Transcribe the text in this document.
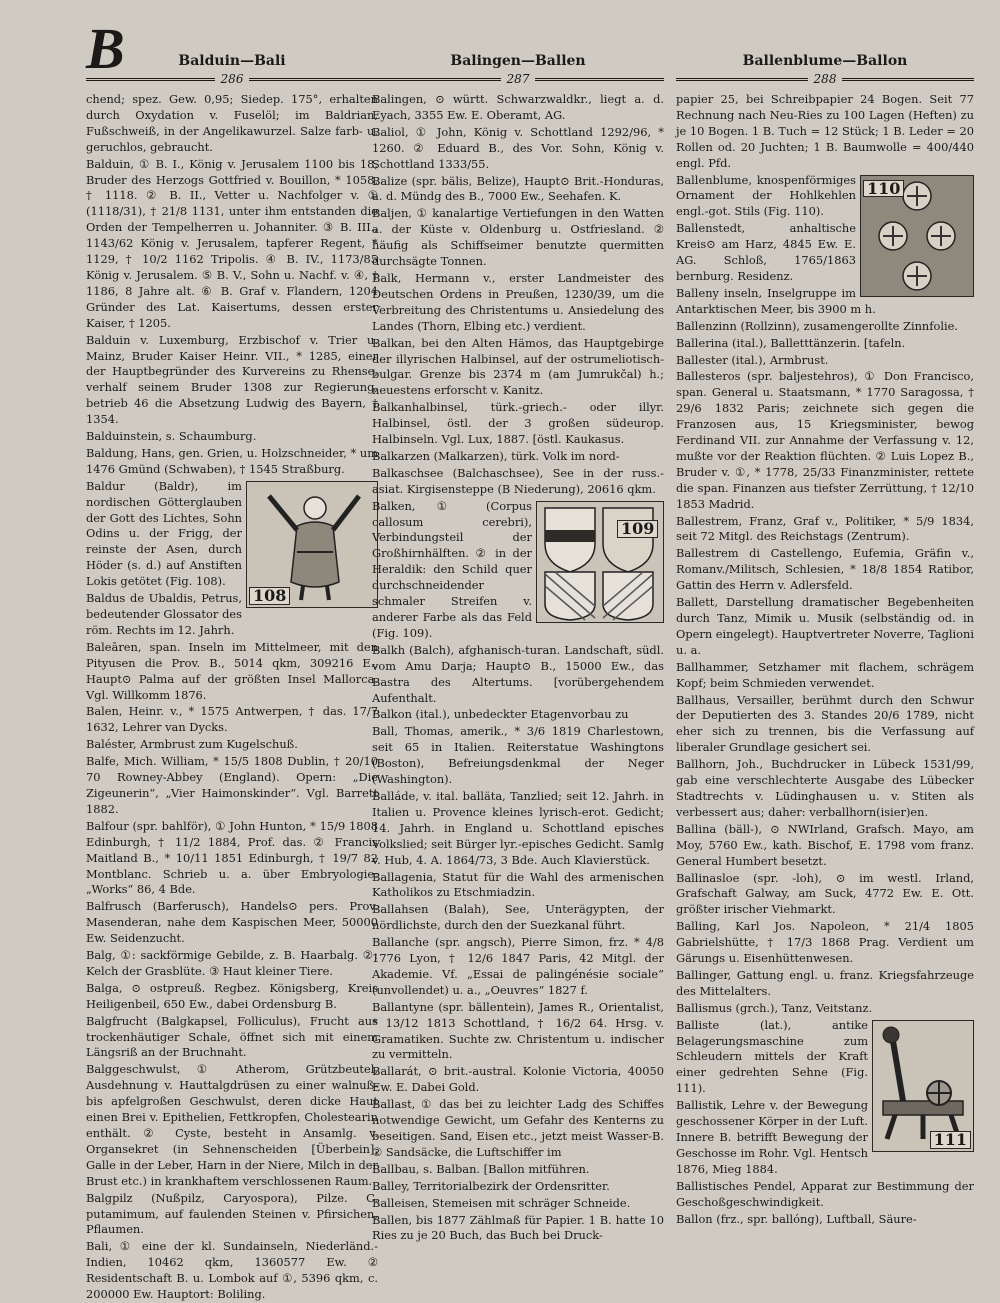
B	Balduin—Bali
286

chend; spez. Gew. 0,95; Siedep. 175°, erhalten durch Oxydation v. Fuselöl; im Baldrian, Fußschweiß, in der Angelikawurzel. Salze farb- u. geruchlos, gebraucht.

Balduin, ① B. I., König v. Jerusalem 1100 bis 18, Bruder des Herzogs Gottfried v. Bouillon, * 1058, † 1118. ② B. II., Vetter u. Nachfolger v. ① (1118/31), † 21/8 1131, unter ihm entstanden die Orden der Tempelherren u. Johanniter. ③ B. III., 1143/62 König v. Jerusalem, tapferer Regent, * 1129, † 10/2 1162 Tripolis. ④ B. IV., 1173/85 König v. Jerusalem. ⑤ B. V., Sohn u. Nachf. v. ④, † 1186, 8 Jahre alt. ⑥ B. Graf v. Flandern, 1204 Gründer des Lat. Kaisertums, dessen erster Kaiser, † 1205.

Balduin v. Luxemburg, Erzbischof v. Trier u. Mainz, Bruder Kaiser Heinr. VII., * 1285, einer der Hauptbegründer des Kurvereins zu Rhense, verhalf seinem Bruder 1308 zur Regierung, betrieb 46 die Absetzung Ludwig des Bayern, † 1354.

Balduinstein, s. Schaumburg.

Baldung, Hans, gen. Grien, u. Holzschneider, * um 1476 Gmünd (Schwaben), † 1545 Straßburg.

108

Baldur (Baldr), im nordischen Götterglauben der Gott des Lichtes, Sohn Odins u. der Frigg, der reinste der Asen, durch Höder (s. d.) auf Anstiften Lokis getötet (Fig. 108).

Baldus de Ubaldis, Petrus, bedeutender Glossator des röm. Rechts im 12. Jahrh.

Baleāren, span. Inseln im Mittelmeer, mit den Pityusen die Prov. B., 5014 qkm, 309216 E., Haupt⊙ Palma auf der größten Insel Mallorca. Vgl. Willkomm 1876.

Balen, Heinr. v., * 1575 Antwerpen, † das. 17/7 1632, Lehrer van Dycks.

Baléster, Armbrust zum Kugelschuß.

Balfe, Mich. William, * 15/5 1808 Dublin, † 20/10 70 Rowney-Abbey (England). Opern: „Die Zigeunerin“, „Vier Haimonskinder“. Vgl. Barrett 1882.

Balfour (spr. bahlför), ① John Hunton, * 15/9 1808 Edinburgh, † 11/2 1884, Prof. das. ② Francis Maitland B., * 10/11 1851 Edinburgh, † 19/7 82 Montblanc. Schrieb u. a. über Embryologie: „Works“ 86, 4 Bde.

Balfrusch (Barferusch), Handels⊙ pers. Prov. Masenderan, nahe dem Kaspischen Meer, 50000 Ew. Seidenzucht.

Balg, ①: sackförmige Gebilde, z. B. Haarbalg. ②: Kelch der Grasblüte. ③ Haut kleiner Tiere.

Balga, ⊙ ostpreuß. Regbez. Königsberg, Kreis Heiligenbeil, 650 Ew., dabei Ordensburg B.

Balgfrucht (Balgkapsel, Folliculus), Frucht aus trockenhäutiger Schale, öffnet sich mit einem Längsriß an der Bruchnaht.

Balggeschwulst, ① Atherom, Grützbeutel, Ausdehnung v. Hauttalgdrüsen zu einer walnuß- bis apfelgroßen Geschwulst, deren dicke Haut einen Brei v. Epithelien, Fettkropfen, Cholestearin enthält. ② Cyste, besteht in Ansamlg. v. Organsekret (in Sehnenscheiden [Überbein], Galle in der Leber, Harn in der Niere, Milch in der Brust etc.) in krankhaftem verschlossenen Raum.

Balgpilz (Nußpilz, Caryospora), Pilze. C. putamimum, auf faulenden Steinen v. Pfirsichen, Pflaumen.

Bali, ① eine der kl. Sundainseln, Niederländ.-Indien, 10462 qkm, 1360577 Ew. ② Residentschaft B. u. Lombok auf ①, 5396 qkm, c. 200000 Ew. Hauptort: Boliling.

Balingen—Ballen
287

Balingen, ⊙ württ. Schwarzwaldkr., liegt a. d. Eyach, 3355 Ew. E. Oberamt, AG.

Baliol, ① John, König v. Schottland 1292/96, * 1260. ② Eduard B., des Vor. Sohn, König v. Schottland 1333/55.

Balize (spr. bälis, Belize), Haupt⊙ Brit.-Honduras, a. d. Mündg des B., 7000 Ew., Seehafen. K.

Baljen, ① kanalartige Vertiefungen in den Watten a. der Küste v. Oldenburg u. Ostfriesland. ② häufig als Schiffseimer benutzte quermitten durchsägte Tonnen.

Balk, Hermann v., erster Landmeister des Deutschen Ordens in Preußen, 1230/39, um die Verbreitung des Christentums u. Ansiedelung des Landes (Thorn, Elbing etc.) verdient.

Balkan, bei den Alten Hämos, das Hauptgebirge der illyrischen Halbinsel, auf der ostrumeliotisch-bulgar. Grenze bis 2374 m (am Jumrukčal) h.; neuestens erforscht v. Kanitz.

Balkanhalbinsel, türk.-griech.- oder illyr. Halbinsel, östl. der 3 großen südeurop. Halbinseln. Vgl. Lux, 1887. [östl. Kaukasus.

Balkarzen (Malkarzen), türk. Volk im nord-

Balkaschsee (Balchaschsee), See in der russ.-asiat. Kirgisensteppe (B Niederung), 20616 qkm.

109

Balken, ① (Corpus callosum cerebri), Verbindungsteil der Großhirnhälften. ② in der Heraldik: den Schild quer durchschneidender schmaler Streifen v. anderer Farbe als das Feld (Fig. 109).

Balkh (Balch), afghanisch-turan. Landschaft, südl. vom Amu Darja; Haupt⊙ B., 15000 Ew., das Bastra des Altertums. [vorübergehendem Aufenthalt.

Balkon (ital.), unbedeckter Etagenvorbau zu

Ball, Thomas, amerik., * 3/6 1819 Charlestown, seit 65 in Italien. Reiterstatue Washingtons (Boston), Befreiungsdenkmal der Neger (Washington).

Balláde, v. ital. balläta, Tanzlied; seit 12. Jahrh. in Italien u. Provence kleines lyrisch-erot. Gedicht; 14. Jahrh. in England u. Schottland episches Volkslied; seit Bürger lyr.-episches Gedicht. Samlg v. Hub, 4. A. 1864/73, 3 Bde. Auch Klavierstück.

Ballagenia, Statut für die Wahl des armenischen Katholikos zu Etschmiadzin.

Ballahsen (Balah), See, Unterägypten, der nördlichste, durch den der Suezkanal führt.

Ballanche (spr. angsch), Pierre Simon, frz. * 4/8 1776 Lyon, † 12/6 1847 Paris, 42 Mitgl. der Akademie. Vf. „Essai de palingénésie sociale“ (unvollendet) u. a., „Oeuvres“ 1827 f.

Ballantyne (spr. bällentein), James R., Orientalist, * 13/12 1813 Schottland, † 16/2 64. Hrsg. v. Gramatiken. Suchte zw. Christentum u. indischer zu vermitteln.

Ballarát, ⊙ brit.-austral. Kolonie Victoria, 40050 Ew. E. Dabei Gold.

Ballast, ① das bei zu leichter Ladg des Schiffes notwendige Gewicht, um Gefahr des Kenterns zu beseitigen. Sand, Eisen etc., jetzt meist Wasser-B. ② Sandsäcke, die Luftschiffer im

Ballbau, s. Balban. [Ballon mitführen.

Balley, Territorialbezirk der Ordensritter.

Balleisen, Stemeisen mit schräger Schneide.

Ballen, bis 1877 Zählmaß für Papier. 1 B. hatte 10 Ries zu je 20 Buch, das Buch bei Druck-

Ballenblume—Ballon
288

papier 25, bei Schreibpapier 24 Bogen. Seit 77 Rechnung nach Neu-Ries zu 100 Lagen (Heften) zu je 10 Bogen. 1 B. Tuch = 12 Stück; 1 B. Leder = 20 Rollen od. 20 Juchten; 1 B. Baumwolle = 400/440 engl. Pfd.

110

Ballenblume, knospenförmiges Ornament der Hohlkehlen engl.-got. Stils (Fig. 110).

Ballenstedt, anhaltische Kreis⊙ am Harz, 4845 Ew. E. AG. Schloß, 1765/1863 bernburg. Residenz.

Balleny inseln, Inselgruppe im Antarktischen Meer, bis 3900 m h.

Ballenzinn (Rollzinn), zusamengerollte Zinnfolie.

Ballerina (ital.), Balletttänzerin. [tafeln.

Ballester (ital.), Armbrust.

Ballesteros (spr. baljestehros), ① Don Francisco, span. General u. Staatsmann, * 1770 Saragossa, † 29/6 1832 Paris; zeichnete sich gegen die Franzosen aus, 15 Kriegsminister, bewog Ferdinand VII. zur Annahme der Verfassung v. 12, mußte vor der Reaktion flüchten. ② Luis Lopez B., Bruder v. ①, * 1778, 25/33 Finanzminister, rettete die span. Finanzen aus tiefster Zerrüttung, † 12/10 1853 Madrid.

Ballestrem, Franz, Graf v., Politiker, * 5/9 1834, seit 72 Mitgl. des Reichstags (Zentrum).

Ballestrem di Castellengo, Eufemia, Gräfin v., Romanv./Militsch, Schlesien, * 18/8 1854 Ratibor, Gattin des Herrn v. Adlersfeld.

Ballett, Darstellung dramatischer Begebenheiten durch Tanz, Mimik u. Musik (selbständig od. in Opern eingelegt). Hauptvertreter Noverre, Taglioni u. a.

Ballhammer, Setzhamer mit flachem, schrägem Kopf; beim Schmieden verwendet.

Ballhaus, Versailler, berühmt durch den Schwur der Deputierten des 3. Standes 20/6 1789, nicht eher sich zu trennen, bis die Verfassung auf liberaler Grundlage gesichert sei.

Ballhorn, Joh., Buchdrucker in Lübeck 1531/99, gab eine verschlechterte Ausgabe des Lübecker Stadtrechts v. Lüdinghausen u. v. Stiten als verbessert aus; daher: verballhorn(isier)en.

Ballina (bäll-), ⊙ NWIrland, Grafsch. Mayo, am Moy, 5760 Ew., kath. Bischof, E. 1798 vom franz. General Humbert besetzt.

Ballinasloe (spr. -loh), ⊙ im westl. Irland, Grafschaft Galway, am Suck, 4772 Ew. E. Ott. größter irischer Viehmarkt.

Balling, Karl Jos. Napoleon, * 21/4 1805 Gabrielshütte, † 17/3 1868 Prag. Verdient um Gärungs u. Eisenhüttenwesen.

Ballinger, Gattung engl. u. franz. Kriegsfahrzeuge des Mittelalters.

Ballismus (grch.), Tanz, Veitstanz.

111

Balliste (lat.), antike Belagerungsmaschine zum Schleudern mittels der Kraft einer gedrehten Sehne (Fig. 111).

Ballistik, Lehre v. der Bewegung geschossener Körper in der Luft. Innere B. betrifft Bewegung der Geschosse im Rohr. Vgl. Hentsch 1876, Mieg 1884.

Ballistisches Pendel, Apparat zur Bestimmung der Geschoßgeschwindigkeit.

Ballon (frz., spr. ballóng), Luftball, Säure-
